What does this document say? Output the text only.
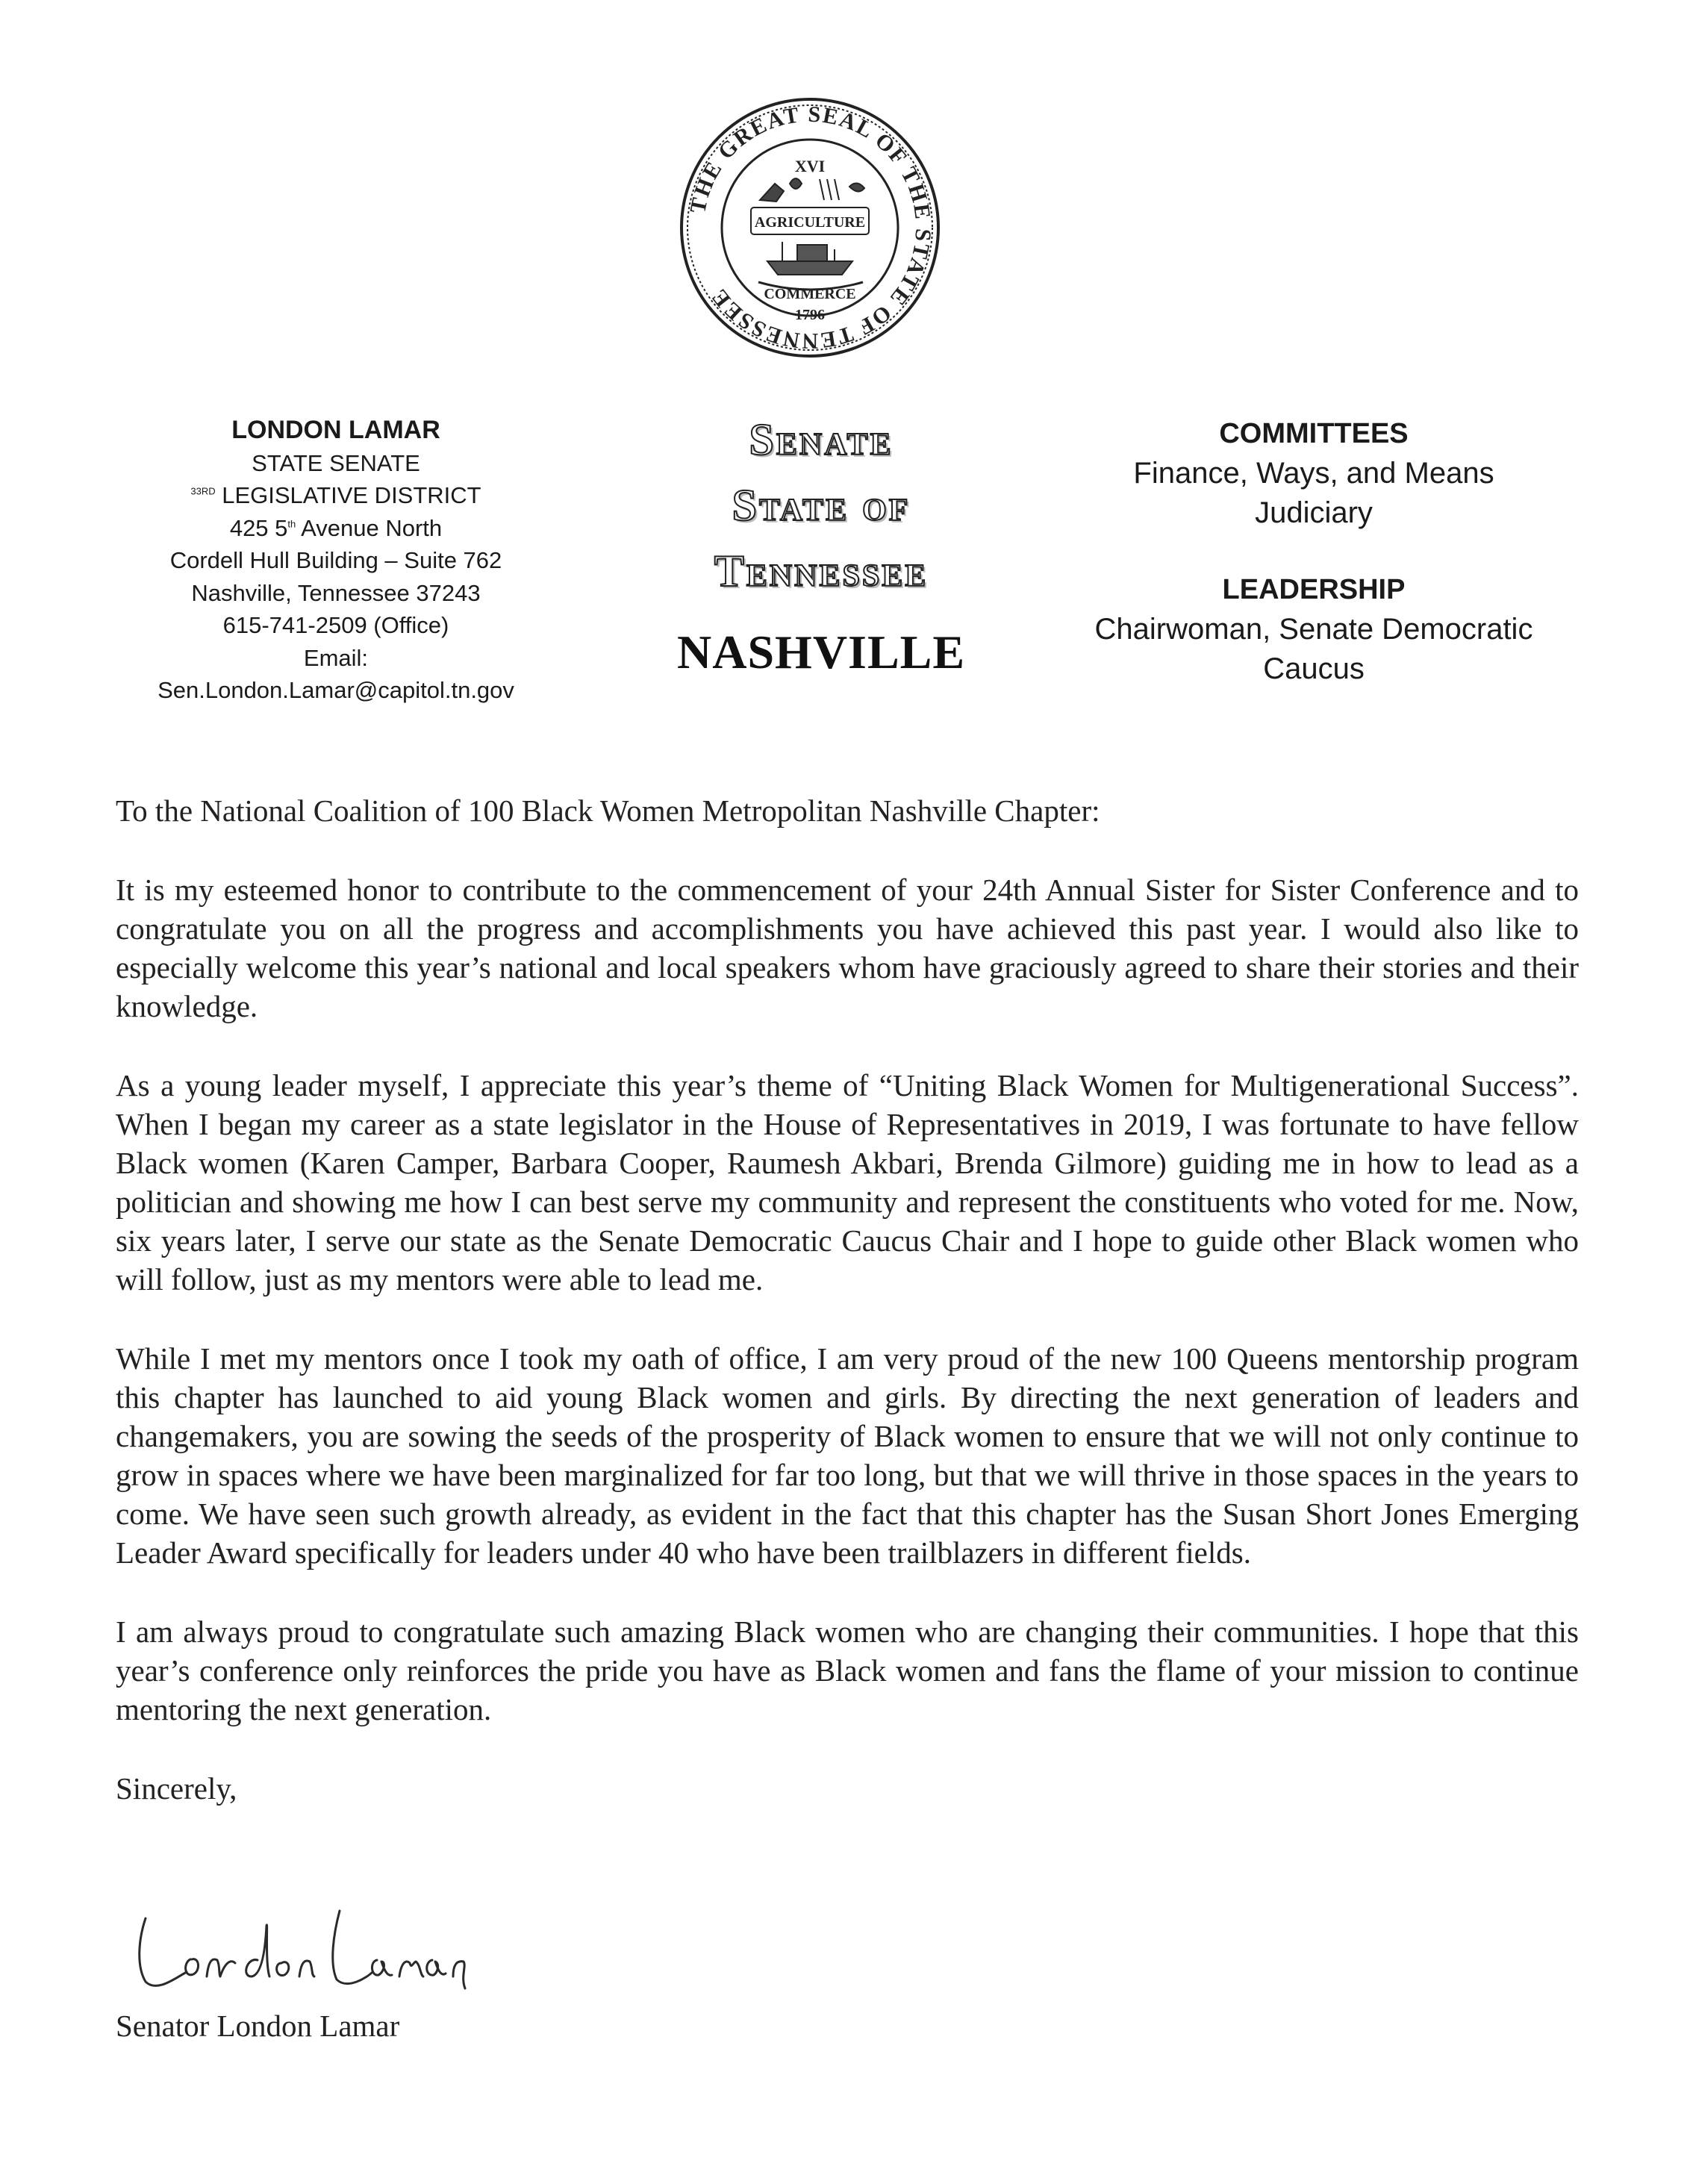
THE GREAT SEAL OF THE STATE OF TENNESSEE
XVI
AGRICULTURE
COMMERCE
1796
LONDON LAMAR
STATE SENATE
$^{33RD}$ LEGISLATIVE DISTRICT
425 5th Avenue North
Cordell Hull Building – Suite 762
Nashville, Tennessee 37243
615-741-2509 (Office)
Email:
Sen.London.Lamar@capitol.tn.gov
Senate
State of
Tennessee
NASHVILLE
COMMITTEES
Finance, Ways, and Means
Judiciary
LEADERSHIP
Chairwoman, Senate Democratic
Caucus

To the National Coalition of 100 Black Women Metropolitan Nashville Chapter:

It is my esteemed honor to contribute to the commencement of your 24th Annual Sister for Sister Conference and to congratulate you on all the progress and accomplishments you have achieved this past year. I would also like to especially welcome this year’s national and local speakers whom have graciously agreed to share their stories and their knowledge.

As a young leader myself, I appreciate this year’s theme of “Uniting Black Women for Multigenerational Success”. When I began my career as a state legislator in the House of Representatives in 2019, I was fortunate to have fellow Black women (Karen Camper, Barbara Cooper, Raumesh Akbari, Brenda Gilmore) guiding me in how to lead as a politician and showing me how I can best serve my community and represent the constituents who voted for me. Now, six years later, I serve our state as the Senate Democratic Caucus Chair and I hope to guide other Black women who will follow, just as my mentors were able to lead me.

While I met my mentors once I took my oath of office, I am very proud of the new 100 Queens mentorship program this chapter has launched to aid young Black women and girls. By directing the next generation of leaders and changemakers, you are sowing the seeds of the prosperity of Black women to ensure that we will not only continue to grow in spaces where we have been marginalized for far too long, but that we will thrive in those spaces in the years to come. We have seen such growth already, as evident in the fact that this chapter has the Susan Short Jones Emerging Leader Award specifically for leaders under 40 who have been trailblazers in different fields.

I am always proud to congratulate such amazing Black women who are changing their communities. I hope that this year’s conference only reinforces the pride you have as Black women and fans the flame of your mission to continue mentoring the next generation.

Sincerely,

Senator London Lamar
